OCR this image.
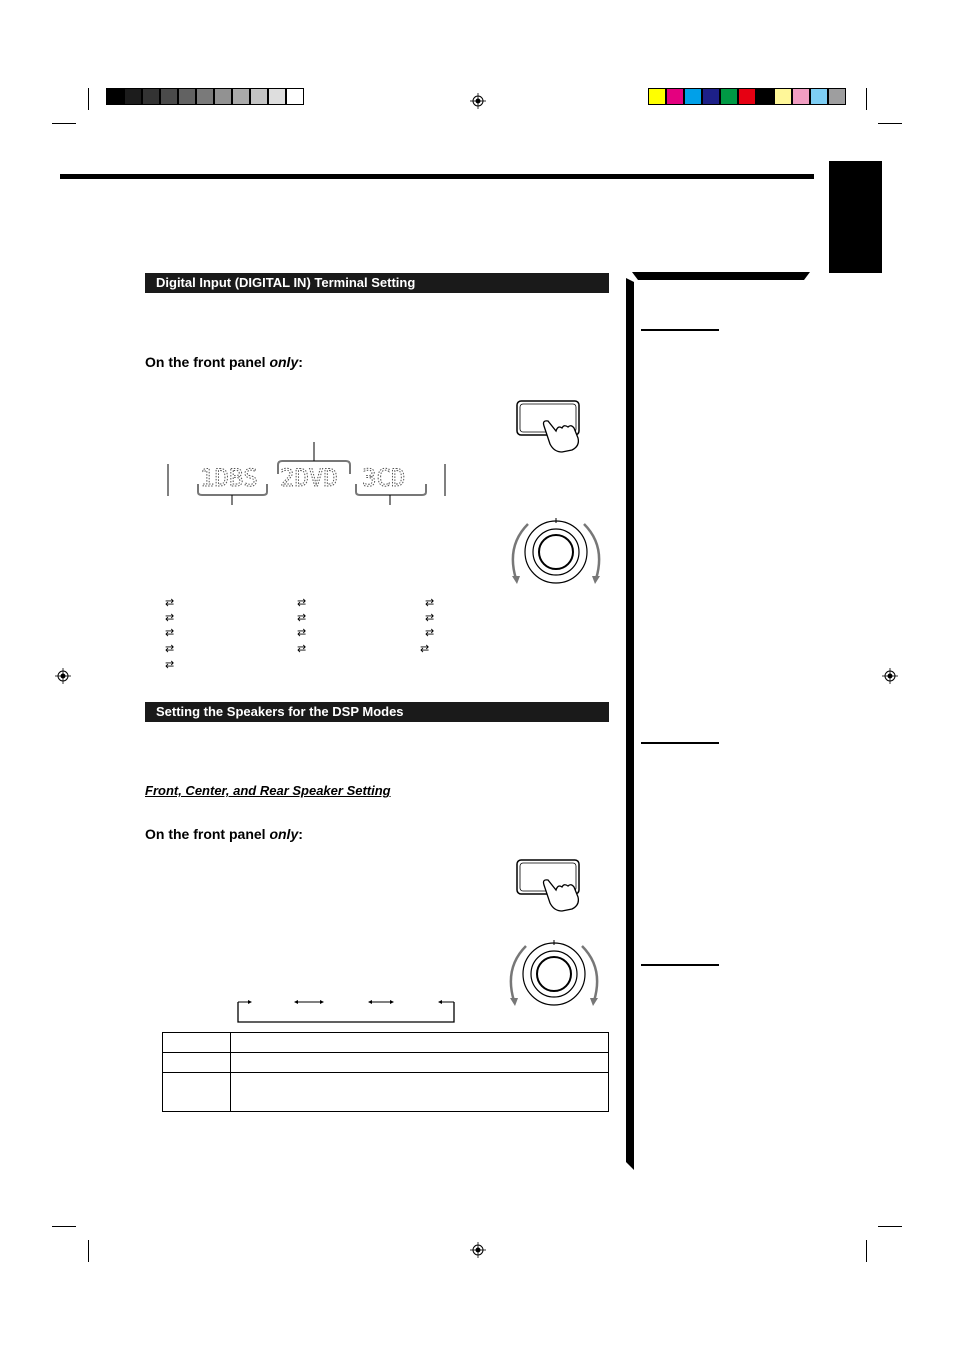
Digital Input (DIGITAL IN) Terminal Setting
On the front panel only:
1DBS 2DVD 3CD
⇄
⇄
⇄
⇄
⇄
⇄
⇄
⇄
⇄
⇄
⇄
⇄
⇄
Setting the Speakers for the DSP Modes
Front, Center, and Rear Speaker Setting
On the front panel only:
